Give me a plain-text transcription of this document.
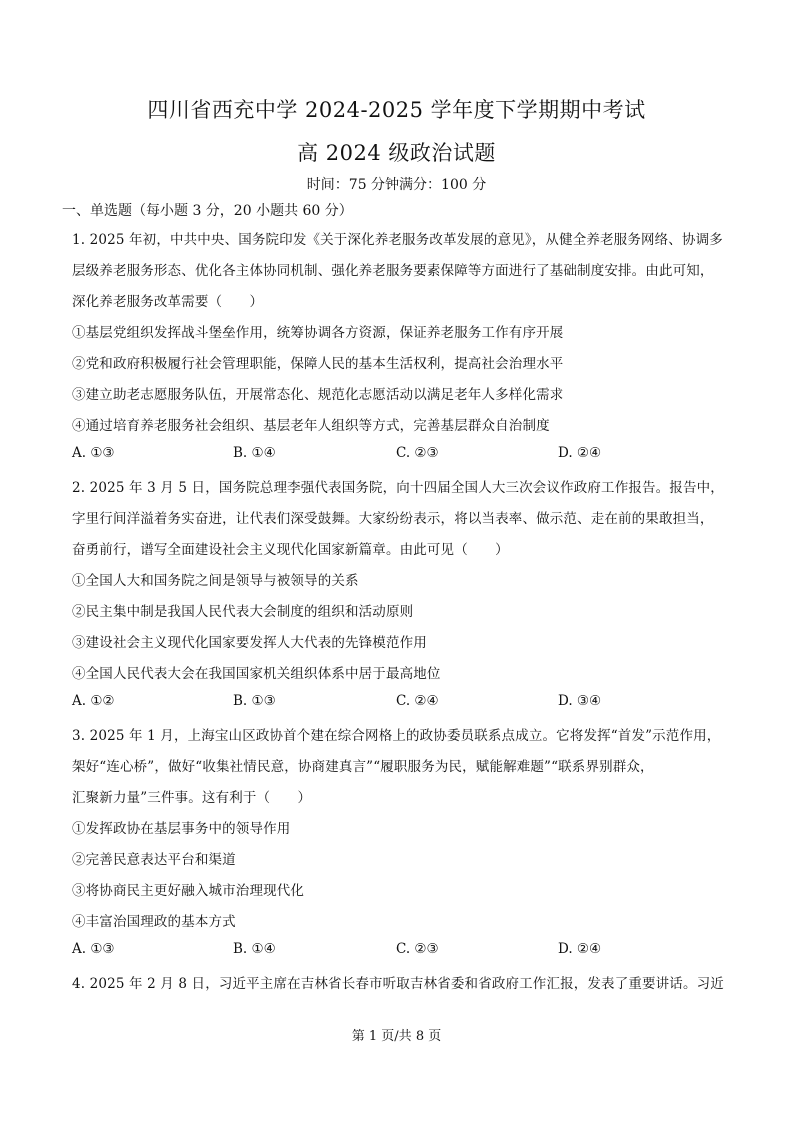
四川省西充中学 2024-2025 学年度下学期期中考试
高 2024 级政治试题
时间：75 分钟满分：100 分
一、单选题（每小题 3 分，20 小题共 60 分）
1. 2025 年初，中共中央、国务院印发《关于深化养老服务改革发展的意见》，从健全养老服务网络、协调多
层级养老服务形态、优化各主体协同机制、强化养老服务要素保障等方面进行了基础制度安排。由此可知，
深化养老服务改革需要（　　）
①基层党组织发挥战斗堡垒作用，统筹协调各方资源，保证养老服务工作有序开展
②党和政府积极履行社会管理职能，保障人民的基本生活权利，提高社会治理水平
③建立助老志愿服务队伍，开展常态化、规范化志愿活动以满足老年人多样化需求
④通过培育养老服务社会组织、基层老年人组织等方式，完善基层群众自治制度
A. ①③	B. ①④	C. ②③	D. ②④
2. 2025 年 3 月 5 日，国务院总理李强代表国务院，向十四届全国人大三次会议作政府工作报告。报告中，
字里行间洋溢着务实奋进，让代表们深受鼓舞。大家纷纷表示，将以当表率、做示范、走在前的果敢担当，
奋勇前行，谱写全面建设社会主义现代化国家新篇章。由此可见（　　）
①全国人大和国务院之间是领导与被领导的关系
②民主集中制是我国人民代表大会制度的组织和活动原则
③建设社会主义现代化国家要发挥人大代表的先锋模范作用
④全国人民代表大会在我国国家机关组织体系中居于最高地位
A. ①②	B. ①③	C. ②④	D. ③④
3. 2025 年 1 月，上海宝山区政协首个建在综合网格上的政协委员联系点成立。它将发挥“首发”示范作用，
架好“连心桥”，做好“收集社情民意，协商建真言”“履职服务为民，赋能解难题”“联系界别群众，
汇聚新力量”三件事。这有利于（　　）
①发挥政协在基层事务中的领导作用
②完善民意表达平台和渠道
③将协商民主更好融入城市治理现代化
④丰富治国理政的基本方式
A. ①③	B. ①④	C. ②③	D. ②④
4. 2025 年 2 月 8 日，习近平主席在吉林省长春市听取吉林省委和省政府工作汇报，发表了重要讲话。习近
第 1 页/共 8 页
